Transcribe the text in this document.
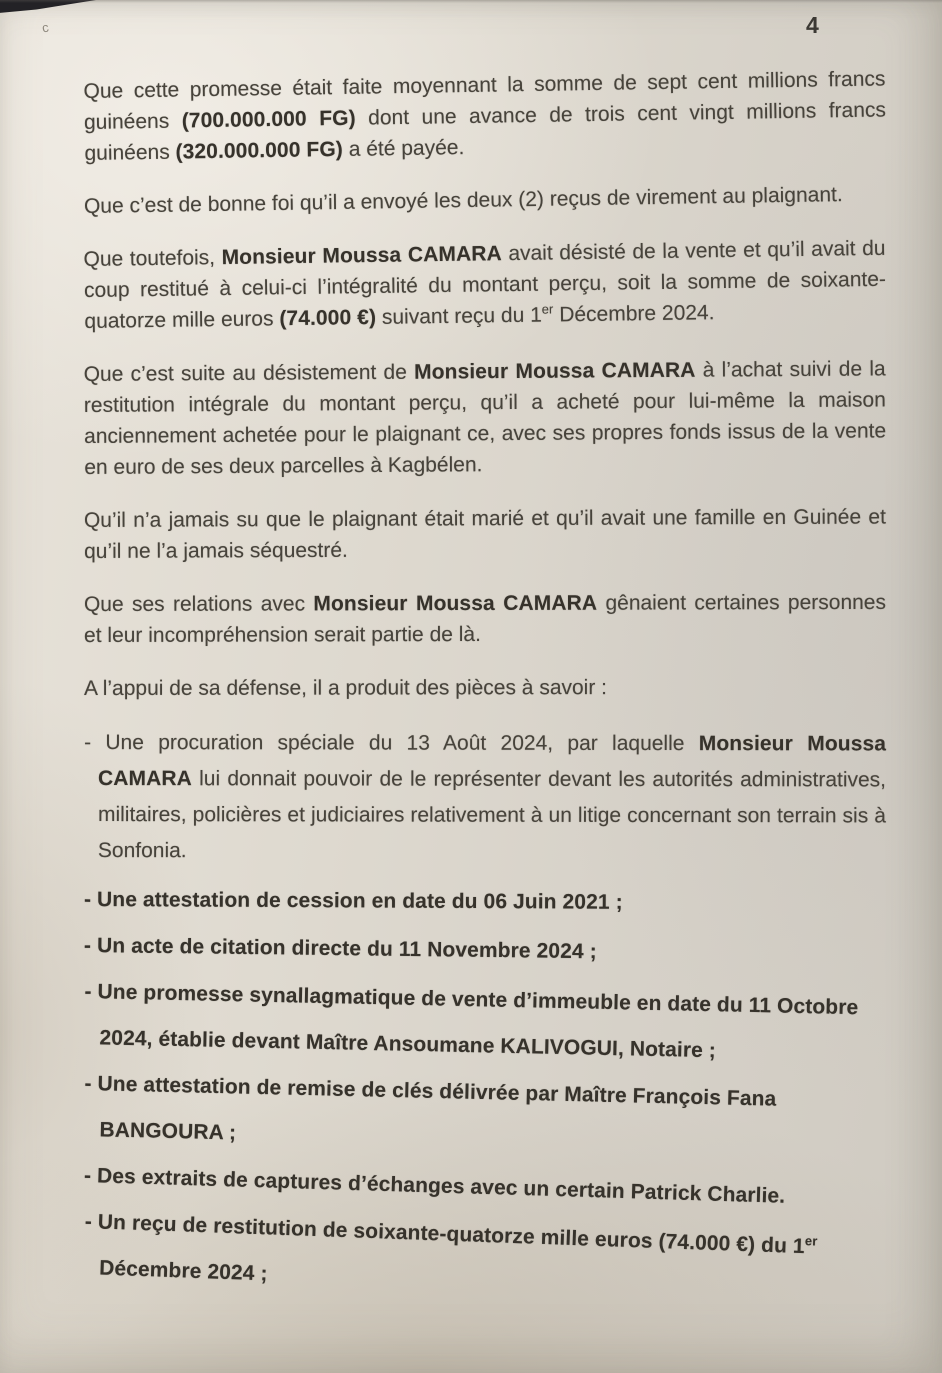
c	4

Que cette promesse était faite moyennant la somme de sept cent millions francs guinéens (700.000.000 FG) dont une avance de trois cent vingt millions francs guinéens (320.000.000 FG) a été payée.

Que c’est de bonne foi qu’il a envoyé les deux (2) reçus de virement au plaignant.

Que toutefois, Monsieur Moussa CAMARA avait désisté de la vente et qu’il avait du coup restitué à celui-ci l’intégralité du montant perçu, soit la somme de soixante-quatorze mille euros (74.000 €) suivant reçu du 1er Décembre 2024.

Que c’est suite au désistement de Monsieur Moussa CAMARA à l’achat suivi de la restitution intégrale du montant perçu, qu’il a acheté pour lui-même la maison anciennement achetée pour le plaignant ce, avec ses propres fonds issus de la vente en euro de ses deux parcelles à Kagbélen.

Qu’il n’a jamais su que le plaignant était marié et qu’il avait une famille en Guinée et qu’il ne l’a jamais séquestré.

Que ses relations avec Monsieur Moussa CAMARA gênaient certaines personnes et leur incompréhension serait partie de là.

A l’appui de sa défense, il a produit des pièces à savoir :

- Une procuration spéciale du 13 Août 2024, par laquelle Monsieur Moussa CAMARA lui donnait pouvoir de le représenter devant les autorités administratives, militaires, policières et judiciaires relativement à un litige concernant son terrain sis à Sonfonia.

- Une attestation de cession en date du 06 Juin 2021 ;

- Un acte de citation directe du 11 Novembre 2024 ;

- Une promesse synallagmatique de vente d’immeuble en date du 11 Octobre 2024, établie devant Maître Ansoumane KALIVOGUI, Notaire ;

- Une attestation de remise de clés délivrée par Maître François Fana BANGOURA ;

- Des extraits de captures d’échanges avec un certain Patrick Charlie.

- Un reçu de restitution de soixante-quatorze mille euros (74.000 €) du 1er Décembre 2024 ;
